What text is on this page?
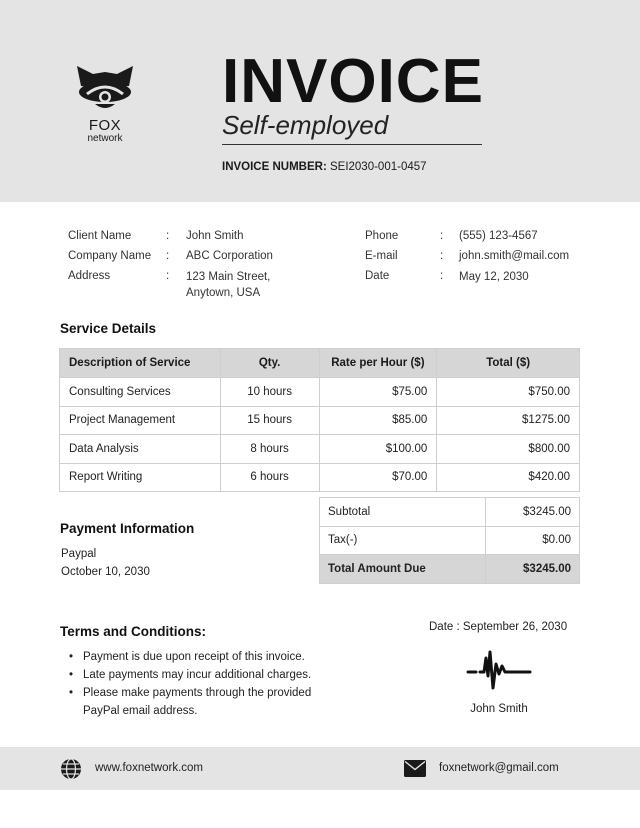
FOX
network
INVOICE
Self-employed
INVOICE NUMBER: SEI2030-001-0457
Client Name	: John Smith
Company Name : ABC Corporation
Address	: 123 Main Street,
Anytown, USA
Phone	: (555) 123-4567
E-mail	: john.smith@mail.com
Date	: May 12, 2030
Service Details
Description of Service	Qty.	Rate per Hour ($)	Total ($)
Consulting Services	10 hours	$75.00	$750.00
Project Management	15 hours	$85.00	$1275.00
Data Analysis	8 hours	$100.00	$800.00
Report Writing	6 hours	$70.00	$420.00
Subtotal	$3245.00
Tax(-)	$0.00
Total Amount Due	$3245.00
Payment Information
Paypal
October 10, 2030
Terms and Conditions:
• Payment is due upon receipt of this invoice.
• Late payments may incur additional charges.
• Please make payments through the provided PayPal email address.
Date : September 26, 2030
John Smith
www.foxnetwork.com	foxnetwork@gmail.com
